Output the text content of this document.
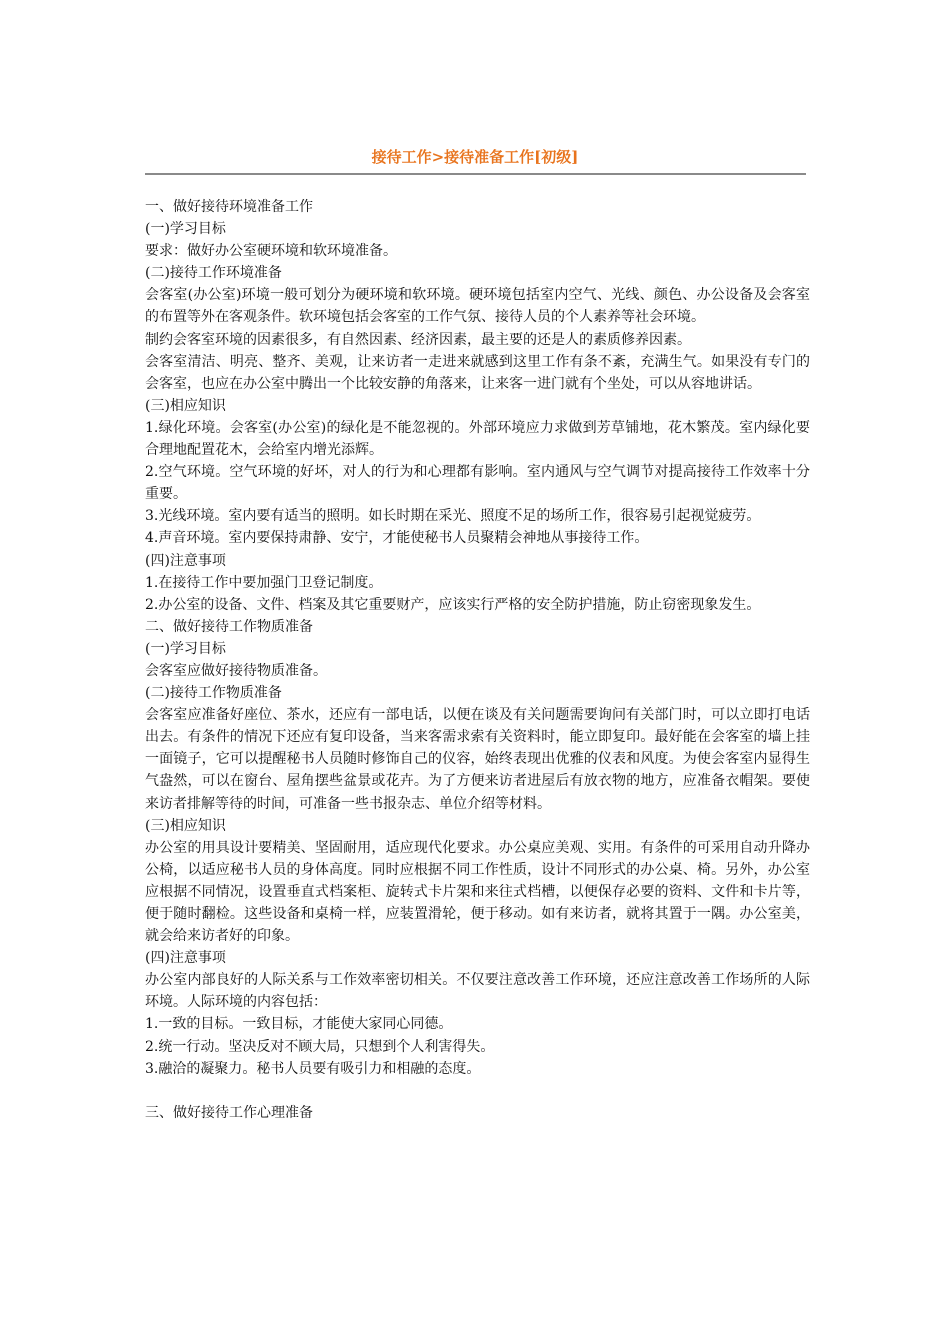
接待工作>接待准备工作[初级]

一、做好接待环境准备工作

(一)学习目标

要求：做好办公室硬环境和软环境准备。

(二)接待工作环境准备

会客室(办公室)环境一般可划分为硬环境和软环境。硬环境包括室内空气、光线、颜色、办公设备及会客室的布置等外在客观条件。软环境包括会客室的工作气氛、接待人员的个人素养等社会环境。

制约会客室环境的因素很多，有自然因素、经济因素，最主要的还是人的素质修养因素。

会客室清洁、明亮、整齐、美观，让来访者一走进来就感到这里工作有条不紊，充满生气。如果没有专门的会客室，也应在办公室中腾出一个比较安静的角落来，让来客一进门就有个坐处，可以从容地讲话。

(三)相应知识

1.绿化环境。会客室(办公室)的绿化是不能忽视的。外部环境应力求做到芳草铺地，花木繁茂。室内绿化要合理地配置花木，会给室内增光添辉。

2.空气环境。空气环境的好坏，对人的行为和心理都有影响。室内通风与空气调节对提高接待工作效率十分重要。

3.光线环境。室内要有适当的照明。如长时期在采光、照度不足的场所工作，很容易引起视觉疲劳。

4.声音环境。室内要保持肃静、安宁，才能使秘书人员聚精会神地从事接待工作。

(四)注意事项

1.在接待工作中要加强门卫登记制度。

2.办公室的设备、文件、档案及其它重要财产，应该实行严格的安全防护措施，防止窃密现象发生。

二、做好接待工作物质准备

(一)学习目标

会客室应做好接待物质准备。

(二)接待工作物质准备

会客室应准备好座位、茶水，还应有一部电话，以便在谈及有关问题需要询问有关部门时，可以立即打电话出去。有条件的情况下还应有复印设备，当来客需求索有关资料时，能立即复印。最好能在会客室的墙上挂一面镜子，它可以提醒秘书人员随时修饰自己的仪容，始终表现出优雅的仪表和风度。为使会客室内显得生气盎然，可以在窗台、屋角摆些盆景或花卉。为了方便来访者进屋后有放衣物的地方，应准备衣帽架。要使来访者排解等待的时间，可准备一些书报杂志、单位介绍等材料。

(三)相应知识

办公室的用具设计要精美、坚固耐用，适应现代化要求。办公桌应美观、实用。有条件的可采用自动升降办公椅，以适应秘书人员的身体高度。同时应根据不同工作性质，设计不同形式的办公桌、椅。另外，办公室应根据不同情况，设置垂直式档案柜、旋转式卡片架和来往式档槽，以便保存必要的资料、文件和卡片等，便于随时翻检。这些设备和桌椅一样，应装置滑轮，便于移动。如有来访者，就将其置于一隅。办公室美，就会给来访者好的印象。

(四)注意事项

办公室内部良好的人际关系与工作效率密切相关。不仅要注意改善工作环境，还应注意改善工作场所的人际环境。人际环境的内容包括：

1.一致的目标。一致目标，才能使大家同心同德。

2.统一行动。坚决反对不顾大局，只想到个人利害得失。

3.融洽的凝聚力。秘书人员要有吸引力和相融的态度。

三、做好接待工作心理准备
